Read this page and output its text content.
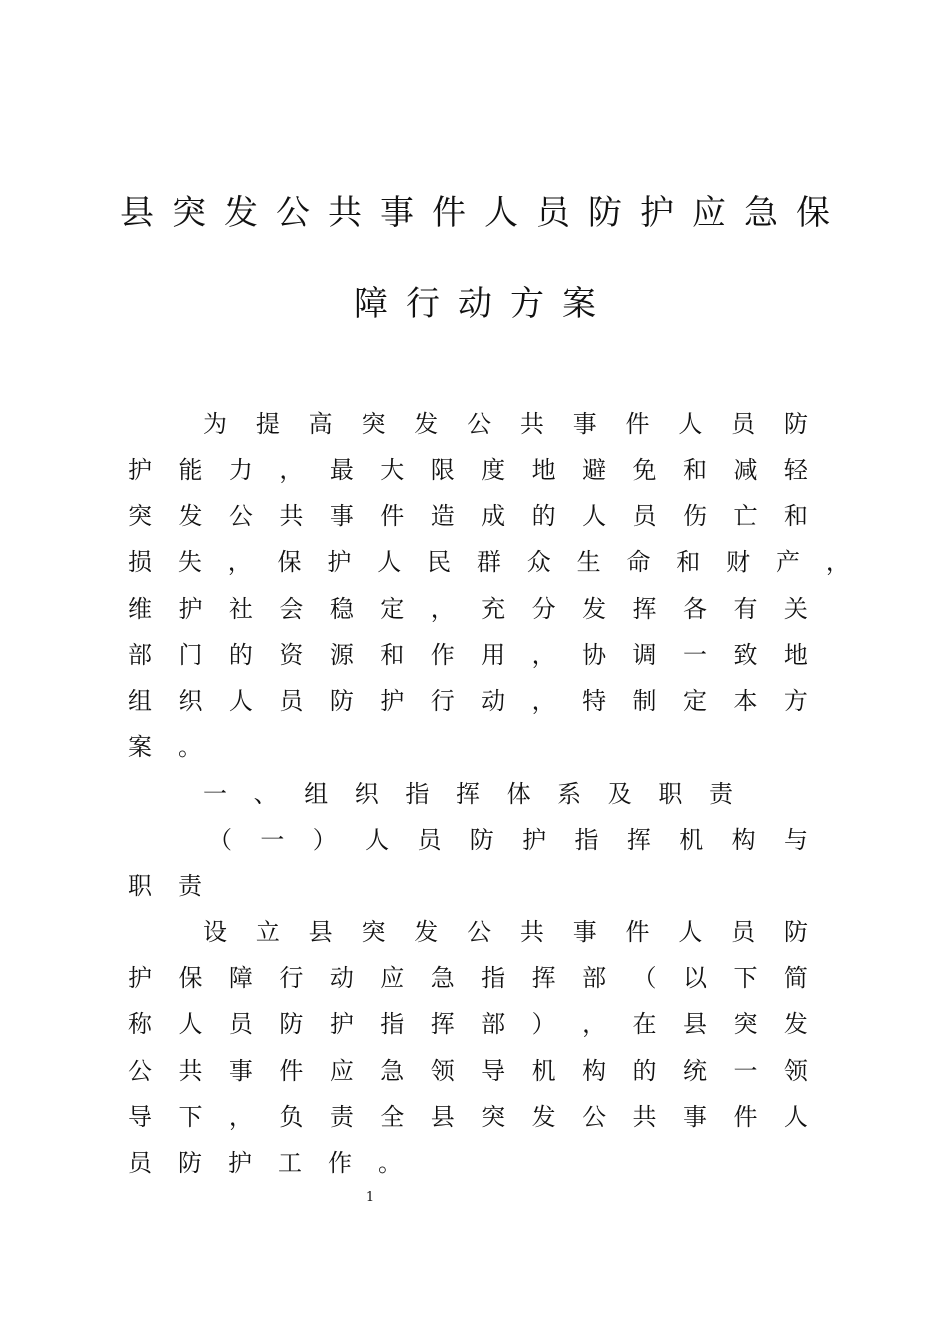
县突发公共事件人员防护应急保
障行动方案
为 提 高 突 发 公 共 事 件 人 员 防
护 能 力 ， 最 大 限 度 地 避 免 和 减 轻
突 发 公 共 事 件 造 成 的 人 员 伤 亡 和
损 失 ， 保 护 人 民 群 众 生 命 和 财 产 ，
维 护 社 会 稳 定 ， 充 分 发 挥 各 有 关
部 门 的 资 源 和 作 用 ， 协 调 一 致 地
组 织 人 员 防 护 行 动 ， 特 制 定 本 方
案 。
一 、 组 织 指 挥 体 系 及 职 责
（ 一 ） 人 员 防 护 指 挥 机 构 与
职 责
设 立 县 突 发 公 共 事 件 人 员 防
护 保 障 行 动 应 急 指 挥 部 （ 以 下 简
称 人 员 防 护 指 挥 部 ） ， 在 县 突 发
公 共 事 件 应 急 领 导 机 构 的 统 一 领
导 下 ， 负 责 全 县 突 发 公 共 事 件 人
员 防 护 工 作 。
1
